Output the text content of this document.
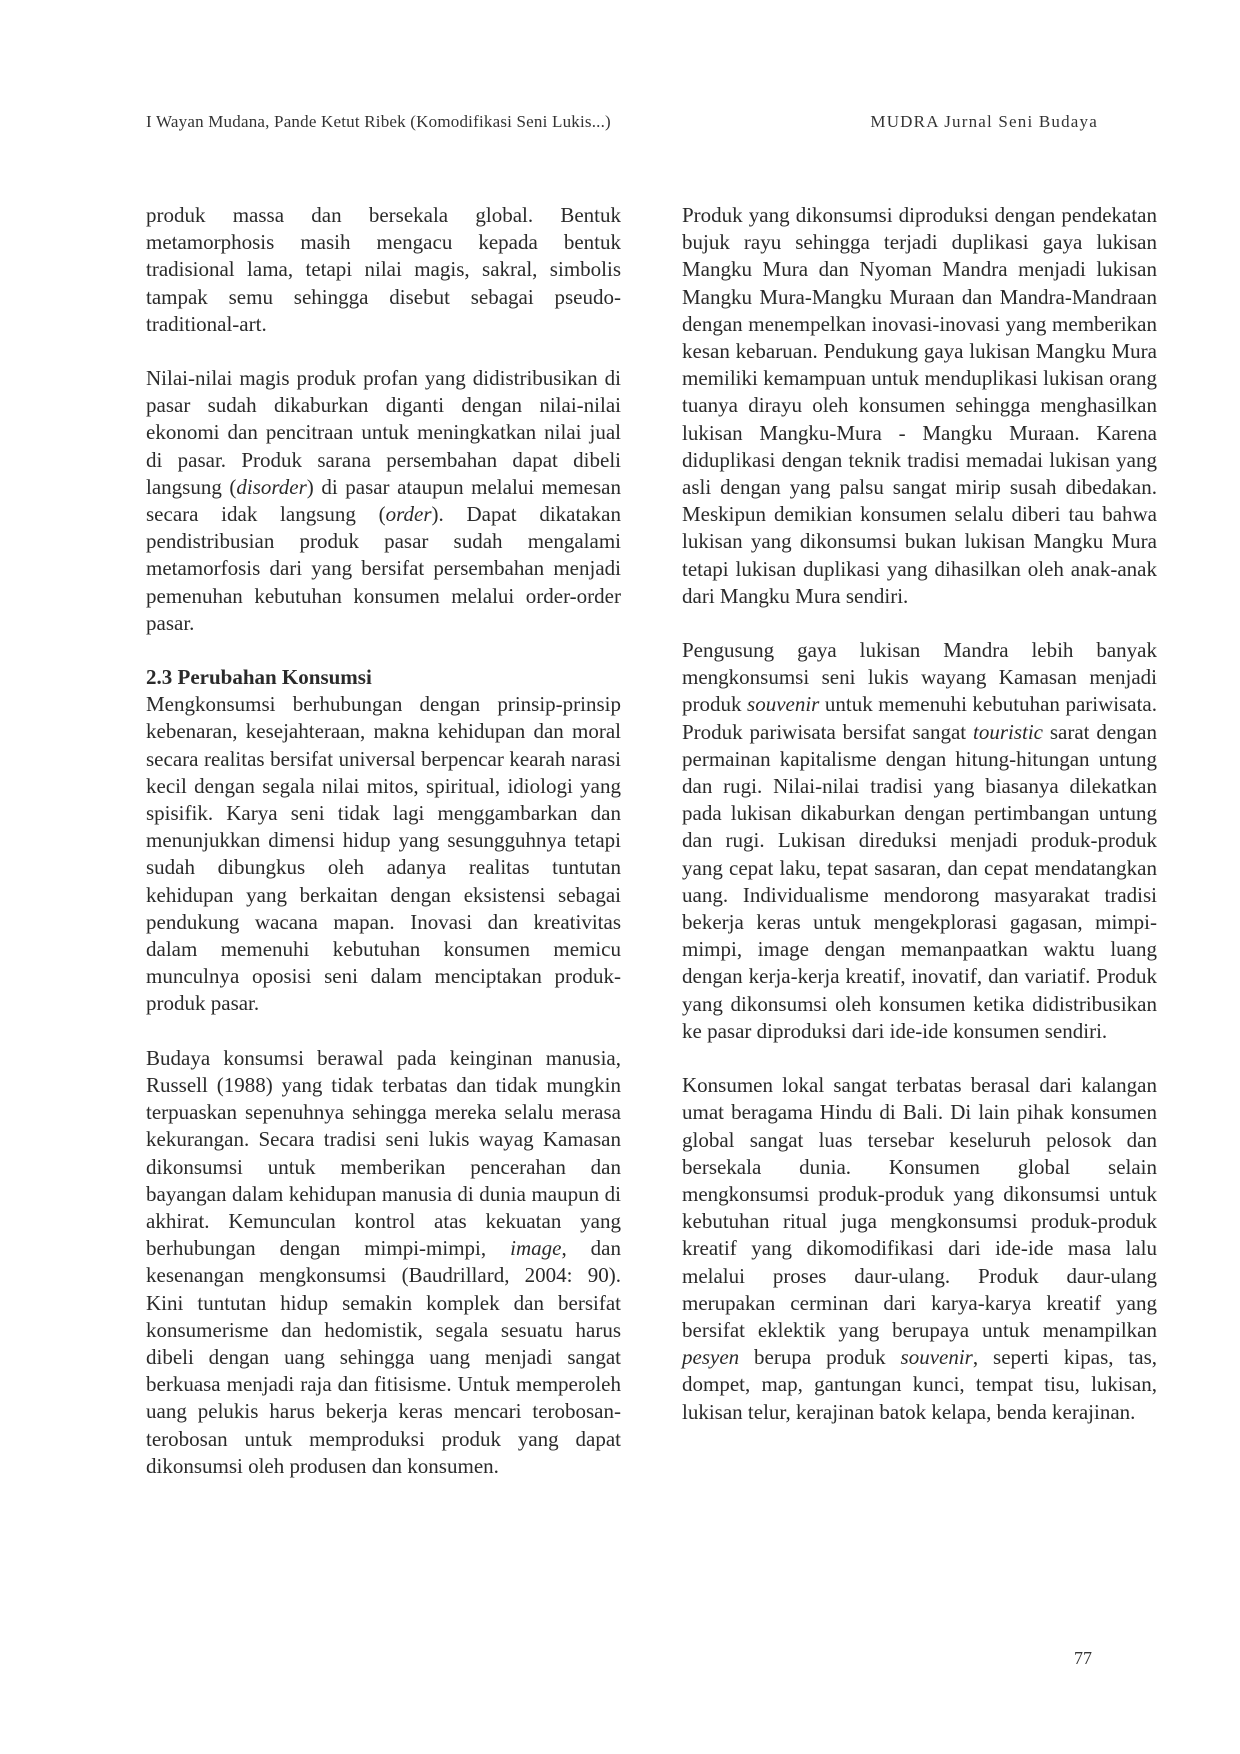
I Wayan Mudana, Pande Ketut Ribek (Komodifikasi Seni Lukis...)	MUDRA Jurnal Seni Budaya

produk massa dan bersekala global. Bentuk metamorphosis masih mengacu kepada bentuk tradisional lama, tetapi nilai magis, sakral, simbolis tampak semu sehingga disebut sebagai pseudo-traditional-art.

Nilai-nilai magis produk profan yang didistribusikan di pasar sudah dikaburkan diganti dengan nilai-nilai ekonomi dan pencitraan untuk meningkatkan nilai jual di pasar. Produk sarana persembahan dapat dibeli langsung (disorder) di pasar ataupun melalui memesan secara idak langsung (order). Dapat dikatakan pendistribusian produk pasar sudah mengalami metamorfosis dari yang bersifat persembahan menjadi pemenuhan kebutuhan konsumen melalui order-order pasar.

2.3 Perubahan Konsumsi

Mengkonsumsi berhubungan dengan prinsip-prinsip kebenaran, kesejahteraan, makna kehidupan dan moral secara realitas bersifat universal berpencar kearah narasi kecil dengan segala nilai mitos, spiritual, idiologi yang spisifik. Karya seni tidak lagi menggambarkan dan menunjukkan dimensi hidup yang sesungguhnya tetapi sudah dibungkus oleh adanya realitas tuntutan kehidupan yang berkaitan dengan eksistensi sebagai pendukung wacana mapan. Inovasi dan kreativitas dalam memenuhi kebutuhan konsumen memicu munculnya oposisi seni dalam menciptakan produk-produk pasar.

Budaya konsumsi berawal pada keinginan manusia, Russell (1988) yang tidak terbatas dan tidak mungkin terpuaskan sepenuhnya sehingga mereka selalu merasa kekurangan. Secara tradisi seni lukis wayag Kamasan dikonsumsi untuk memberikan pencerahan dan bayangan dalam kehidupan manusia di dunia maupun di akhirat. Kemunculan kontrol atas kekuatan yang berhubungan dengan mimpi-mimpi, image, dan kesenangan mengkonsumsi (Baudrillard, 2004: 90). Kini tuntutan hidup semakin komplek dan bersifat konsumerisme dan hedomistik, segala sesuatu harus dibeli dengan uang sehingga uang menjadi sangat berkuasa menjadi raja dan fitisisme. Untuk memperoleh uang pelukis harus bekerja keras mencari terobosan-terobosan untuk memproduksi produk yang dapat dikonsumsi oleh produsen dan konsumen.

Produk yang dikonsumsi diproduksi dengan pendekatan bujuk rayu sehingga terjadi duplikasi gaya lukisan Mangku Mura dan Nyoman Mandra menjadi lukisan Mangku Mura-Mangku Muraan dan Mandra-Mandraan dengan menempelkan inovasi-inovasi yang memberikan kesan kebaruan. Pendukung gaya lukisan Mangku Mura memiliki kemampuan untuk menduplikasi lukisan orang tuanya dirayu oleh konsumen sehingga menghasilkan lukisan Mangku-Mura - Mangku Muraan. Karena diduplikasi dengan teknik tradisi memadai lukisan yang asli dengan yang palsu sangat mirip susah dibedakan. Meskipun demikian konsumen selalu diberi tau bahwa lukisan yang dikonsumsi bukan lukisan Mangku Mura tetapi lukisan duplikasi yang dihasilkan oleh anak-anak dari Mangku Mura sendiri.

Pengusung gaya lukisan Mandra lebih banyak mengkonsumsi seni lukis wayang Kamasan menjadi produk souvenir untuk memenuhi kebutuhan pariwisata. Produk pariwisata bersifat sangat touristic sarat dengan permainan kapitalisme dengan hitung-hitungan untung dan rugi. Nilai-nilai tradisi yang biasanya dilekatkan pada lukisan dikaburkan dengan pertimbangan untung dan rugi. Lukisan direduksi menjadi produk-produk yang cepat laku, tepat sasaran, dan cepat mendatangkan uang. Individualisme mendorong masyarakat tradisi bekerja keras untuk mengekplorasi gagasan, mimpi-mimpi, image dengan memanpaatkan waktu luang dengan kerja-kerja kreatif, inovatif, dan variatif. Produk yang dikonsumsi oleh konsumen ketika didistribusikan ke pasar diproduksi dari ide-ide konsumen sendiri.

Konsumen lokal sangat terbatas berasal dari kalangan umat beragama Hindu di Bali. Di lain pihak konsumen global sangat luas tersebar keseluruh pelosok dan bersekala dunia. Konsumen global selain mengkonsumsi produk-produk yang dikonsumsi untuk kebutuhan ritual juga mengkonsumsi produk-produk kreatif yang dikomodifikasi dari ide-ide masa lalu melalui proses daur-ulang. Produk daur-ulang merupakan cerminan dari karya-karya kreatif yang bersifat eklektik yang berupaya untuk menampilkan pesyen berupa produk souvenir, seperti kipas, tas, dompet, map, gantungan kunci, tempat tisu, lukisan, lukisan telur, kerajinan batok kelapa, benda kerajinan.

77
